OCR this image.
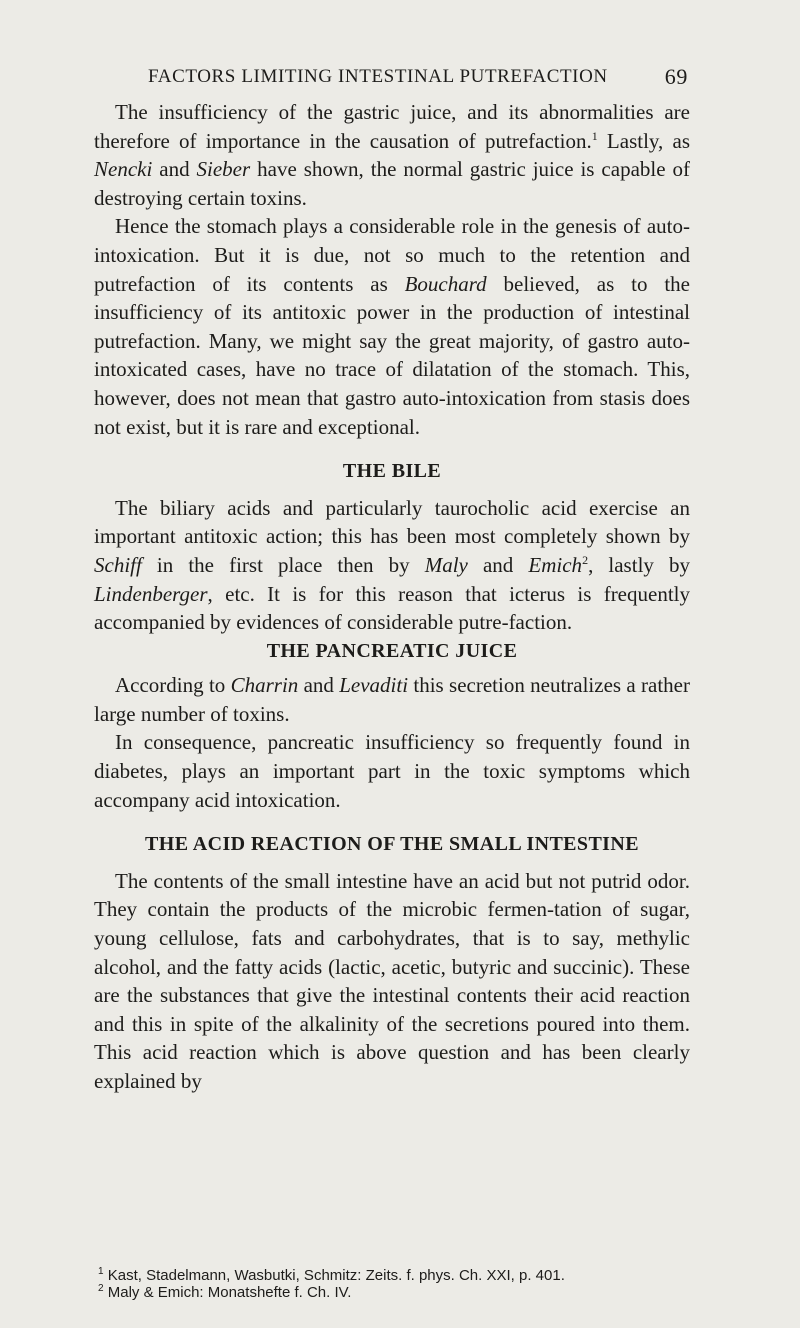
FACTORS LIMITING INTESTINAL PUTREFACTION	69

The insufficiency of the gastric juice, and its abnormalities are therefore of importance in the causation of putrefaction.$^1$ Lastly, as Nencki and Sieber have shown, the normal gastric juice is capable of destroying certain toxins.

Hence the stomach plays a considerable role in the genesis of auto-intoxication. But it is due, not so much to the retention and putrefaction of its contents as Bouchard believed, as to the insufficiency of its antitoxic power in the production of intestinal putrefaction. Many, we might say the great majority, of gastro auto-intoxicated cases, have no trace of dilatation of the stomach. This, however, does not mean that gastro auto-intoxication from stasis does not exist, but it is rare and exceptional.

THE BILE

The biliary acids and particularly taurocholic acid exercise an important antitoxic action; this has been most completely shown by Schiff in the first place then by Maly and Emich$^2$, lastly by Lindenberger, etc. It is for this reason that icterus is frequently accompanied by evidences of considerable putre-faction.

THE PANCREATIC JUICE

According to Charrin and Levaditi this secretion neutralizes a rather large number of toxins.

In consequence, pancreatic insufficiency so frequently found in diabetes, plays an important part in the toxic symptoms which accompany acid intoxication.

THE ACID REACTION OF THE SMALL INTESTINE

The contents of the small intestine have an acid but not putrid odor. They contain the products of the microbic fermen-tation of sugar, young cellulose, fats and carbohydrates, that is to say, methylic alcohol, and the fatty acids (lactic, acetic, butyric and succinic). These are the substances that give the intestinal contents their acid reaction and this in spite of the alkalinity of the secretions poured into them. This acid reaction which is above question and has been clearly explained by

$^1$ Kast, Stadelmann, Wasbutki, Schmitz: Zeits. f. phys. Ch. XXI, p. 401.
$^2$ Maly & Emich: Monatshefte f. Ch. IV.
